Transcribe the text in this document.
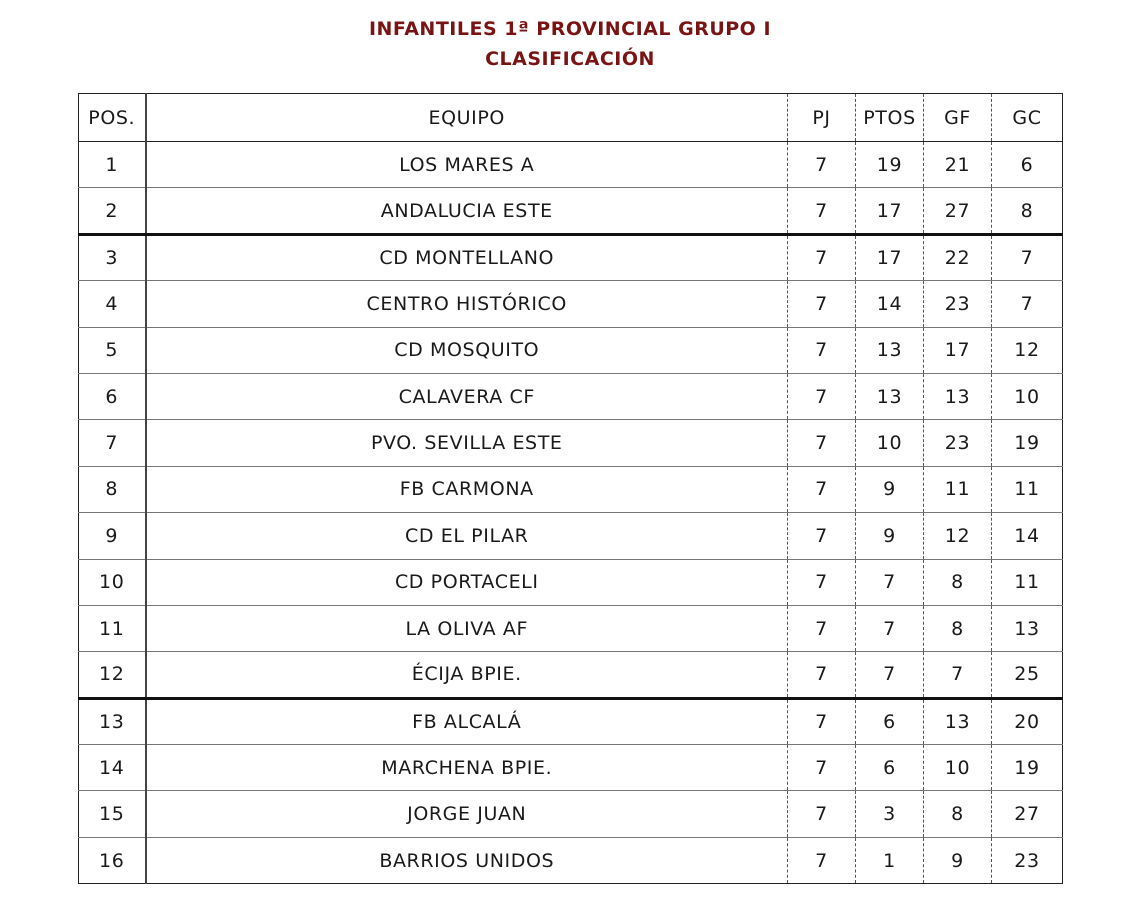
INFANTILES 1ª PROVINCIAL GRUPO I
CLASIFICACIÓN
POS.	EQUIPO	PJ	PTOS	GF	GC
1	LOS MARES A	7	19	21	6
2	ANDALUCIA ESTE	7	17	27	8
3	CD MONTELLANO	7	17	22	7
4	CENTRO HISTÓRICO	7	14	23	7
5	CD MOSQUITO	7	13	17	12
6	CALAVERA CF	7	13	13	10
7	PVO. SEVILLA ESTE	7	10	23	19
8	FB CARMONA	7	9	11	11
9	CD EL PILAR	7	9	12	14
10	CD PORTACELI	7	7	8	11
11	LA OLIVA AF	7	7	8	13
12	ÉCIJA BPIE.	7	7	7	25
13	FB ALCALÁ	7	6	13	20
14	MARCHENA BPIE.	7	6	10	19
15	JORGE JUAN	7	3	8	27
16	BARRIOS UNIDOS	7	1	9	23
